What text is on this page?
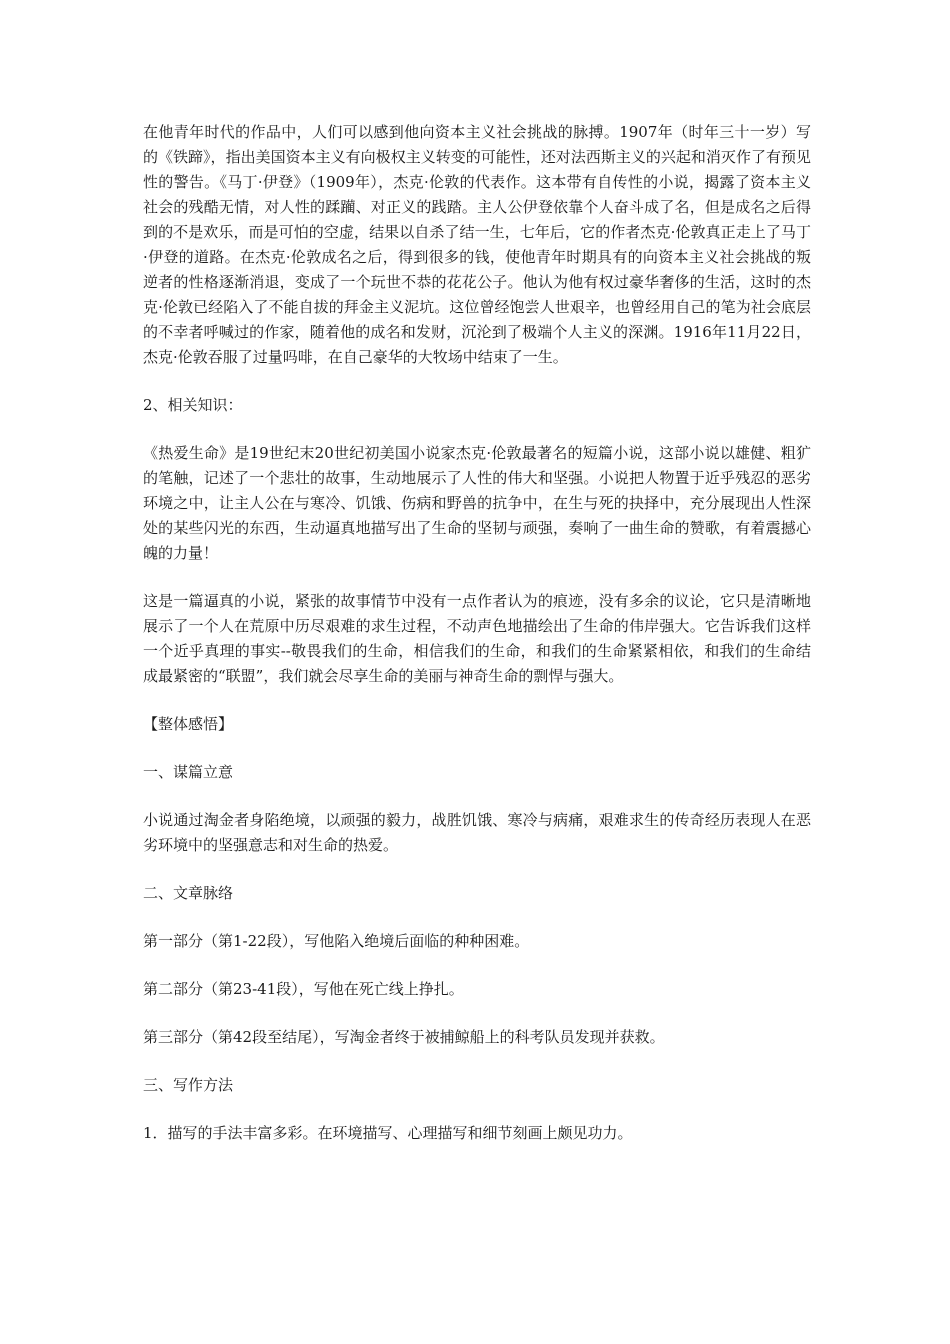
在他青年时代的作品中，人们可以感到他向资本主义社会挑战的脉搏。1907年（时年三十一岁）写的《铁蹄》，指出美国资本主义有向极权主义转变的可能性，还对法西斯主义的兴起和消灭作了有预见性的警告。《马丁·伊登》（1909年），杰克·伦敦的代表作。这本带有自传性的小说，揭露了资本主义社会的残酷无情，对人性的蹂躏、对正义的践踏。主人公伊登依靠个人奋斗成了名，但是成名之后得到的不是欢乐，而是可怕的空虚，结果以自杀了结一生，七年后，它的作者杰克·伦敦真正走上了马丁·伊登的道路。在杰克·伦敦成名之后，得到很多的钱，使他青年时期具有的向资本主义社会挑战的叛逆者的性格逐渐消退，变成了一个玩世不恭的花花公子。他认为他有权过豪华奢侈的生活，这时的杰克·伦敦已经陷入了不能自拔的拜金主义泥坑。这位曾经饱尝人世艰辛，也曾经用自己的笔为社会底层的不幸者呼喊过的作家，随着他的成名和发财，沉沦到了极端个人主义的深渊。1916年11月22日，杰克·伦敦吞服了过量吗啡，在自己豪华的大牧场中结束了一生。

2、相关知识：

《热爱生命》是19世纪末20世纪初美国小说家杰克·伦敦最著名的短篇小说，这部小说以雄健、粗犷的笔触，记述了一个悲壮的故事，生动地展示了人性的伟大和坚强。小说把人物置于近乎残忍的恶劣环境之中，让主人公在与寒冷、饥饿、伤病和野兽的抗争中，在生与死的抉择中，充分展现出人性深处的某些闪光的东西，生动逼真地描写出了生命的坚韧与顽强，奏响了一曲生命的赞歌，有着震撼心魄的力量！

这是一篇逼真的小说，紧张的故事情节中没有一点作者认为的痕迹，没有多余的议论，它只是清晰地展示了一个人在荒原中历尽艰难的求生过程，不动声色地描绘出了生命的伟岸强大。它告诉我们这样一个近乎真理的事实--敬畏我们的生命，相信我们的生命，和我们的生命紧紧相依，和我们的生命结成最紧密的“联盟”，我们就会尽享生命的美丽与神奇生命的剽悍与强大。

【整体感悟】

一、谋篇立意

小说通过淘金者身陷绝境，以顽强的毅力，战胜饥饿、寒冷与病痛，艰难求生的传奇经历表现人在恶劣环境中的坚强意志和对生命的热爱。

二、文章脉络

第一部分（第1-22段），写他陷入绝境后面临的种种困难。

第二部分（第23-41段），写他在死亡线上挣扎。

第三部分（第42段至结尾），写淘金者终于被捕鲸船上的科考队员发现并获救。

三、写作方法

1．描写的手法丰富多彩。在环境描写、心理描写和细节刻画上颇见功力。
